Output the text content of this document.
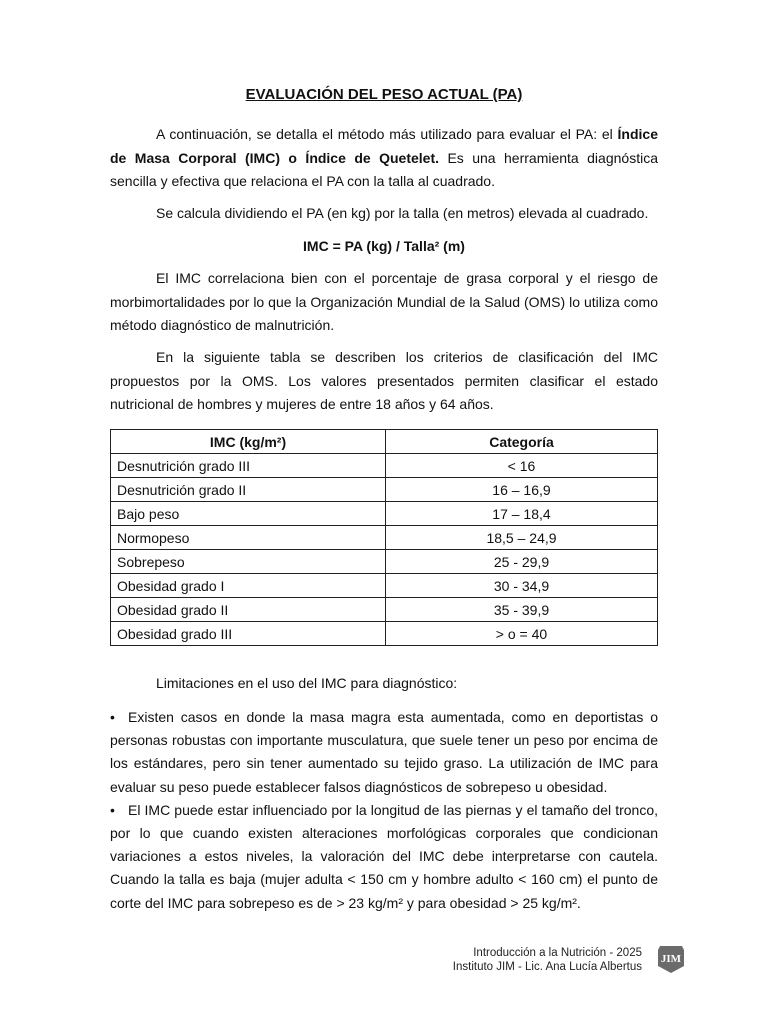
EVALUACIÓN DEL PESO ACTUAL (PA)

A continuación, se detalla el método más utilizado para evaluar el PA: el Índice de Masa Corporal (IMC) o Índice de Quetelet. Es una herramienta diagnóstica sencilla y efectiva que relaciona el PA con la talla al cuadrado.

Se calcula dividiendo el PA (en kg) por la talla (en metros) elevada al cuadrado.

IMC = PA (kg) / Talla² (m)

El IMC correlaciona bien con el porcentaje de grasa corporal y el riesgo de morbimortalidades por lo que la Organización Mundial de la Salud (OMS) lo utiliza como método diagnóstico de malnutrición.

En la siguiente tabla se describen los criterios de clasificación del IMC propuestos por la OMS. Los valores presentados permiten clasificar el estado nutricional de hombres y mujeres de entre 18 años y 64 años.

IMC (kg/m²)	Categoría
Desnutrición grado III	< 16
Desnutrición grado II	16 – 16,9
Bajo peso	17 – 18,4
Normopeso	18,5 – 24,9
Sobrepeso	25 - 29,9
Obesidad grado I	30 - 34,9
Obesidad grado II	35 - 39,9
Obesidad grado III	> o = 40

Limitaciones en el uso del IMC para diagnóstico:

• Existen casos en donde la masa magra esta aumentada, como en deportistas o personas robustas con importante musculatura, que suele tener un peso por encima de los estándares, pero sin tener aumentado su tejido graso. La utilización de IMC para evaluar su peso puede establecer falsos diagnósticos de sobrepeso u obesidad.
• El IMC puede estar influenciado por la longitud de las piernas y el tamaño del tronco, por lo que cuando existen alteraciones morfológicas corporales que condicionan variaciones a estos niveles, la valoración del IMC debe interpretarse con cautela. Cuando la talla es baja (mujer adulta < 150 cm y hombre adulto < 160 cm) el punto de corte del IMC para sobrepeso es de > 23 kg/m² y para obesidad > 25 kg/m².
Introducción a la Nutrición - 2025
Instituto JIM - Lic. Ana Lucía Albertus
JIM
